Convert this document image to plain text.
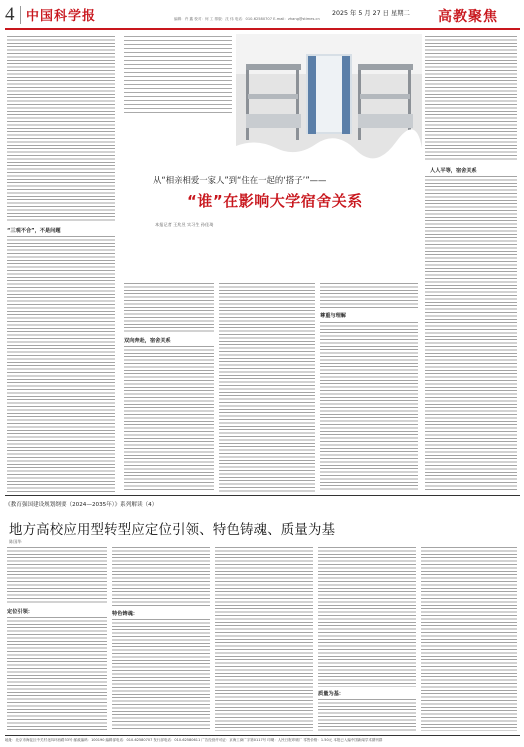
4 中国科学报	编辑：许 鑫 校对：何 工 排版：沈 伟 电话：010-62580707 E-mail：zhang@stimes.cn
2025 年 5 月 27 日 星期二 高教聚焦
“三观不合”，不是问题
从“相亲相爱一家人”到“住在一起的‘搭子’”——
“谁”在影响大学宿舍关系
本报记者 王兆昱 实习生 孙佳琦
人人平等，宿舍关系
双向奔赴，宿舍关系
尊重与理解
《教育强国建设规划纲要（2024—2035年）》系列解读（4）
地方高校应用型转型应定位引领、特色铸魂、质量为基
陈国华
定位引领：	特色铸魂：
质量为基：
地址：北京市海淀区中关村北四环西路33号 邮政编码：100190 编辑部电话：010-62580707 发行部电话：010-62580611 广告经营许可证：京海工商广字第0117号 印刷：人民日报印刷厂 零售价格：1.50元 本报已入编中国新闻学术期刊群
